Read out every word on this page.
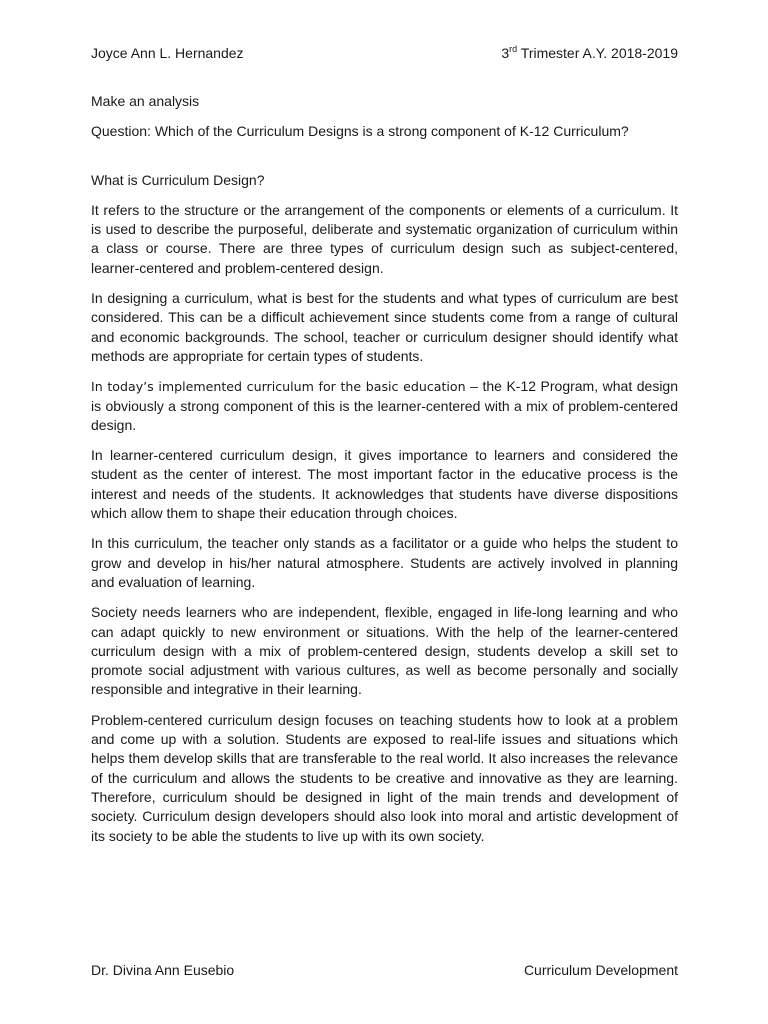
Joyce Ann L. Hernandez	3rd Trimester A.Y. 2018-2019

Make an analysis

Question: Which of the Curriculum Designs is a strong component of K-12 Curriculum?

What is Curriculum Design?

It refers to the structure or the arrangement of the components or elements of a curriculum. It is used to describe the purposeful, deliberate and systematic organization of curriculum within a class or course. There are three types of curriculum design such as subject-centered, learner-centered and problem-centered design.

In designing a curriculum, what is best for the students and what types of curriculum are best considered. This can be a difficult achievement since students come from a range of cultural and economic backgrounds. The school, teacher or curriculum designer should identify what methods are appropriate for certain types of students.

In today’s implemented curriculum for the basic education – the K-12 Program, what design is obviously a strong component of this is the learner-centered with a mix of problem-centered design.

In learner-centered curriculum design, it gives importance to learners and considered the student as the center of interest. The most important factor in the educative process is the interest and needs of the students. It acknowledges that students have diverse dispositions which allow them to shape their education through choices.

In this curriculum, the teacher only stands as a facilitator or a guide who helps the student to grow and develop in his/her natural atmosphere. Students are actively involved in planning and evaluation of learning.

Society needs learners who are independent, flexible, engaged in life-long learning and who can adapt quickly to new environment or situations. With the help of the learner-centered curriculum design with a mix of problem-centered design, students develop a skill set to promote social adjustment with various cultures, as well as become personally and socially responsible and integrative in their learning.

Problem-centered curriculum design focuses on teaching students how to look at a problem and come up with a solution. Students are exposed to real-life issues and situations which helps them develop skills that are transferable to the real world. It also increases the relevance of the curriculum and allows the students to be creative and innovative as they are learning. Therefore, curriculum should be designed in light of the main trends and development of society. Curriculum design developers should also look into moral and artistic development of its society to be able the students to live up with its own society.

Dr. Divina Ann Eusebio	Curriculum Development
